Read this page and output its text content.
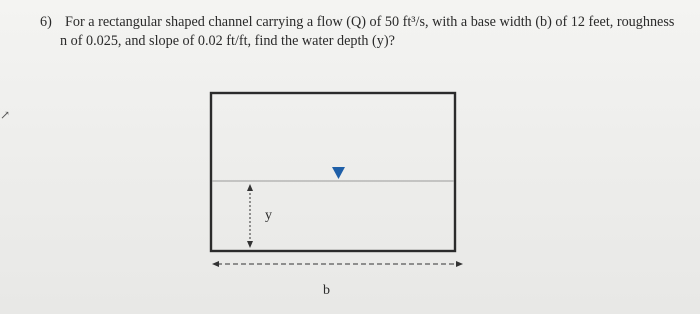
↗
6) For a rectangular shaped channel carrying a flow (Q) of 50 ft³/s, with a base width (b) of 12 feet, roughness
n of 0.025, and slope of 0.02 ft/ft, find the water depth (y)?
y
b
